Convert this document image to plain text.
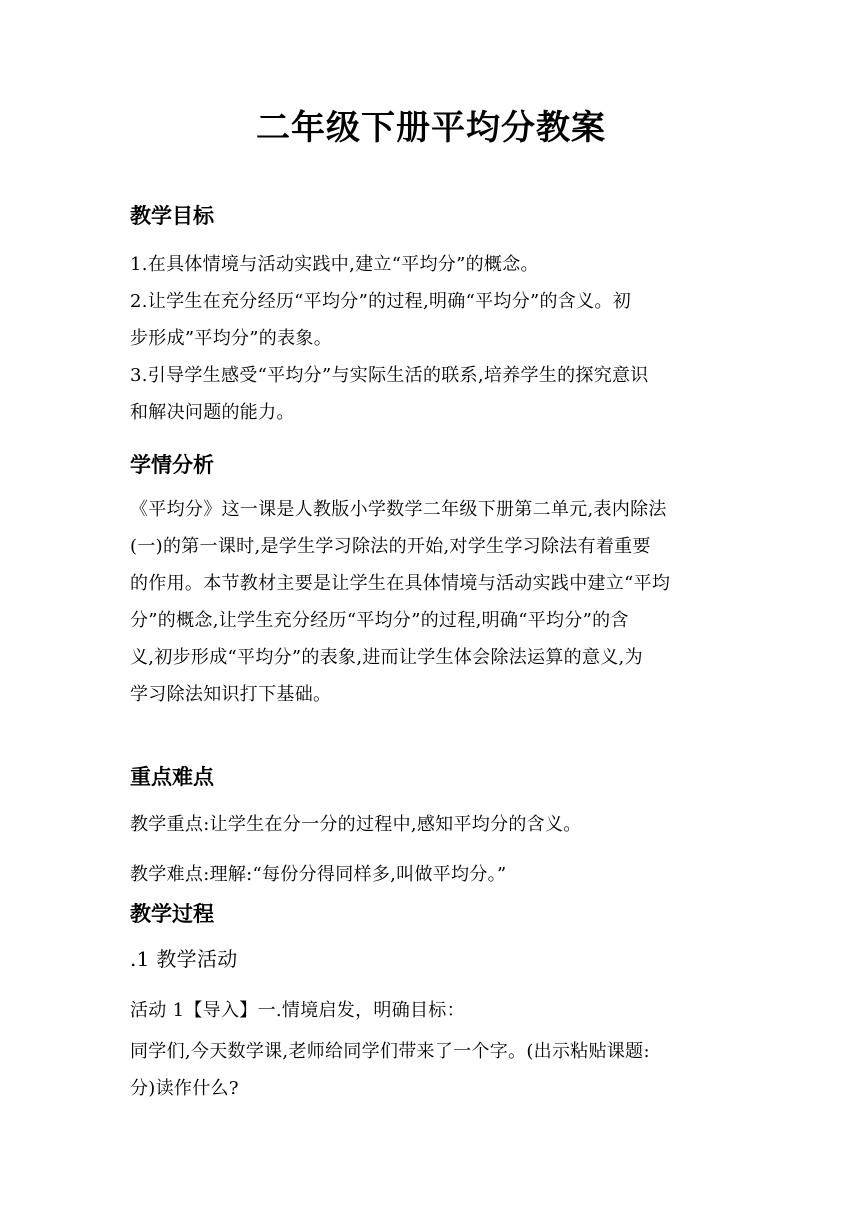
二年级下册平均分教案
教学目标
1.在具体情境与活动实践中,建立“平均分”的概念。
2.让学生在充分经历“平均分”的过程,明确“平均分”的含义。初
步形成”平均分”的表象。
3.引导学生感受“平均分”与实际生活的联系,培养学生的探究意识
和解决问题的能力。
学情分析
《平均分》这一课是人教版小学数学二年级下册第二单元,表内除法
(一)的第一课时,是学生学习除法的开始,对学生学习除法有着重要
的作用。本节教材主要是让学生在具体情境与活动实践中建立“平均
分”的概念,让学生充分经历“平均分”的过程,明确“平均分”的含
义,初步形成“平均分”的表象,进而让学生体会除法运算的意义,为
学习除法知识打下基础。
重点难点
教学重点:让学生在分一分的过程中,感知平均分的含义。
教学难点:理解:“每份分得同样多,叫做平均分。”
教学过程
.1 教学活动
活动 1【导入】一.情境启发，明确目标：
同学们,今天数学课,老师给同学们带来了一个字。(出示粘贴课题:
分)读作什么?
